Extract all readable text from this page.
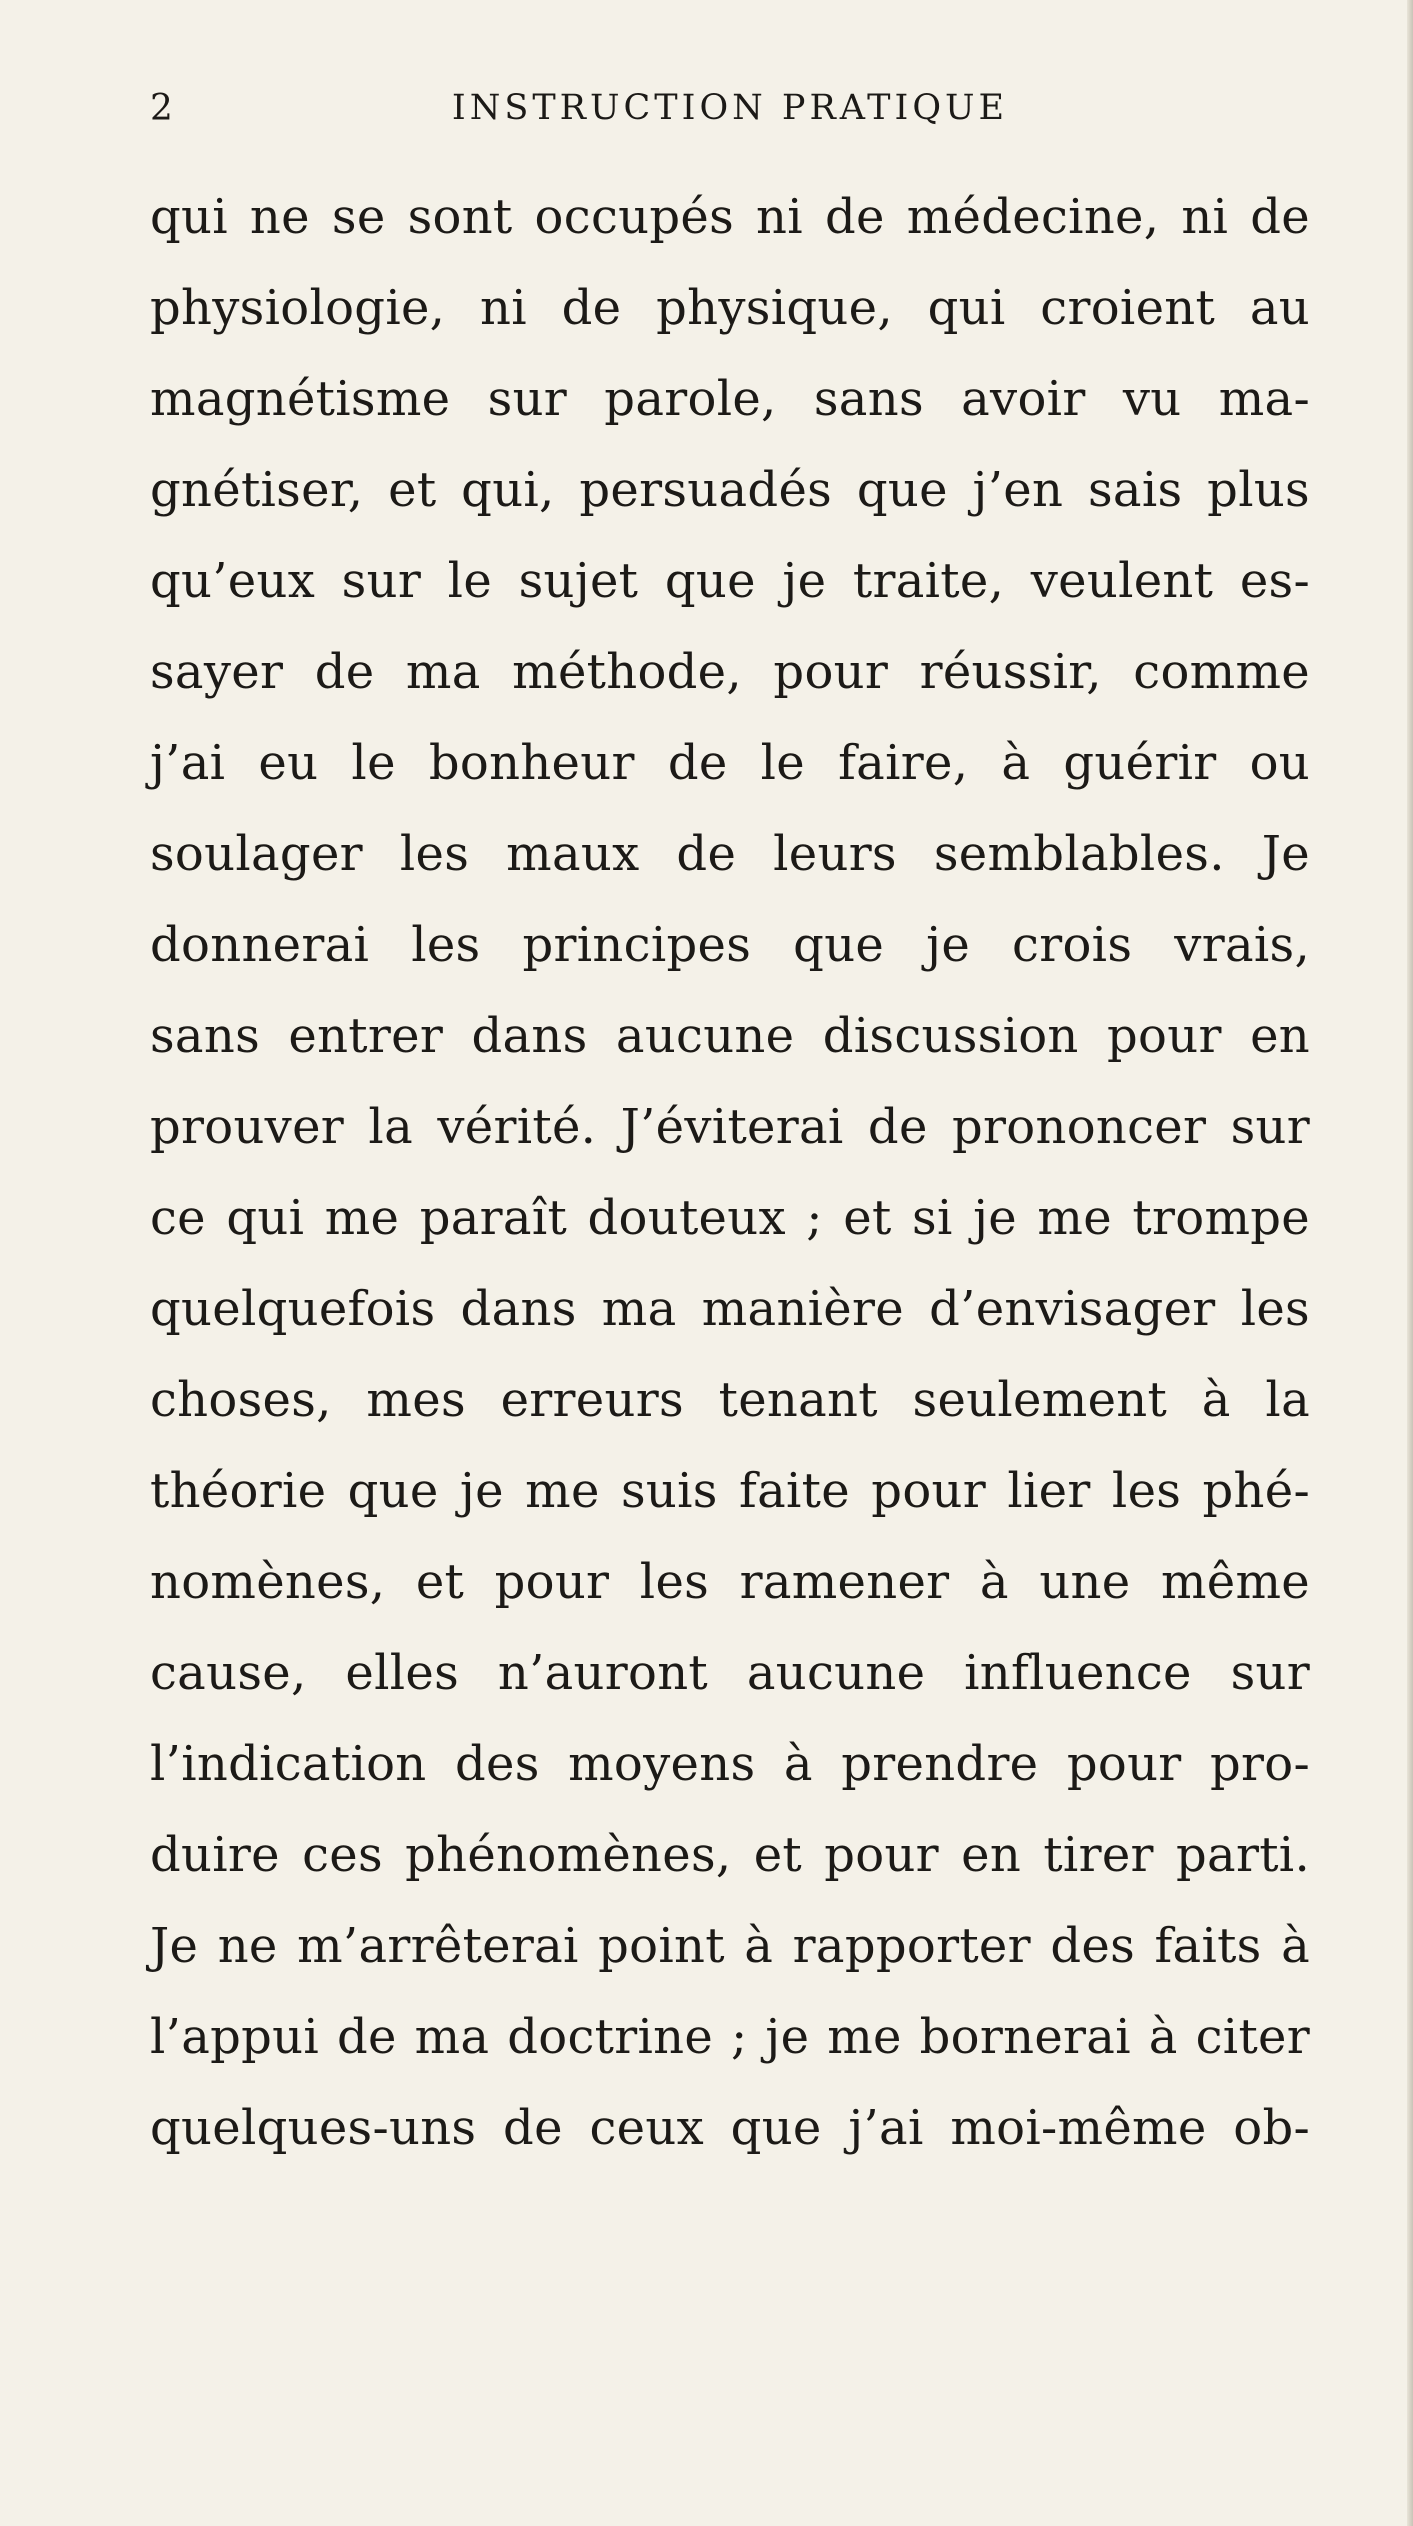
2	INSTRUCTION PRATIQUE
qui ne se sont occupés ni de médecine, ni de
physiologie, ni de physique, qui croient au
magnétisme sur parole, sans avoir vu ma-
gnétiser, et qui, persuadés que j’en sais plus
qu’eux sur le sujet que je traite, veulent es-
sayer de ma méthode, pour réussir, comme
j’ai eu le bonheur de le faire, à guérir ou
soulager les maux de leurs semblables. Je
donnerai les principes que je crois vrais,
sans entrer dans aucune discussion pour en
prouver la vérité. J’éviterai de prononcer sur
ce qui me paraît douteux ; et si je me trompe
quelquefois dans ma manière d’envisager les
choses, mes erreurs tenant seulement à la
théorie que je me suis faite pour lier les phé-
nomènes, et pour les ramener à une même
cause, elles n’auront aucune influence sur
l’indication des moyens à prendre pour pro-
duire ces phénomènes, et pour en tirer parti.
Je ne m’arrêterai point à rapporter des faits à
l’appui de ma doctrine ; je me bornerai à citer
quelques-uns de ceux que j’ai moi-même ob-
